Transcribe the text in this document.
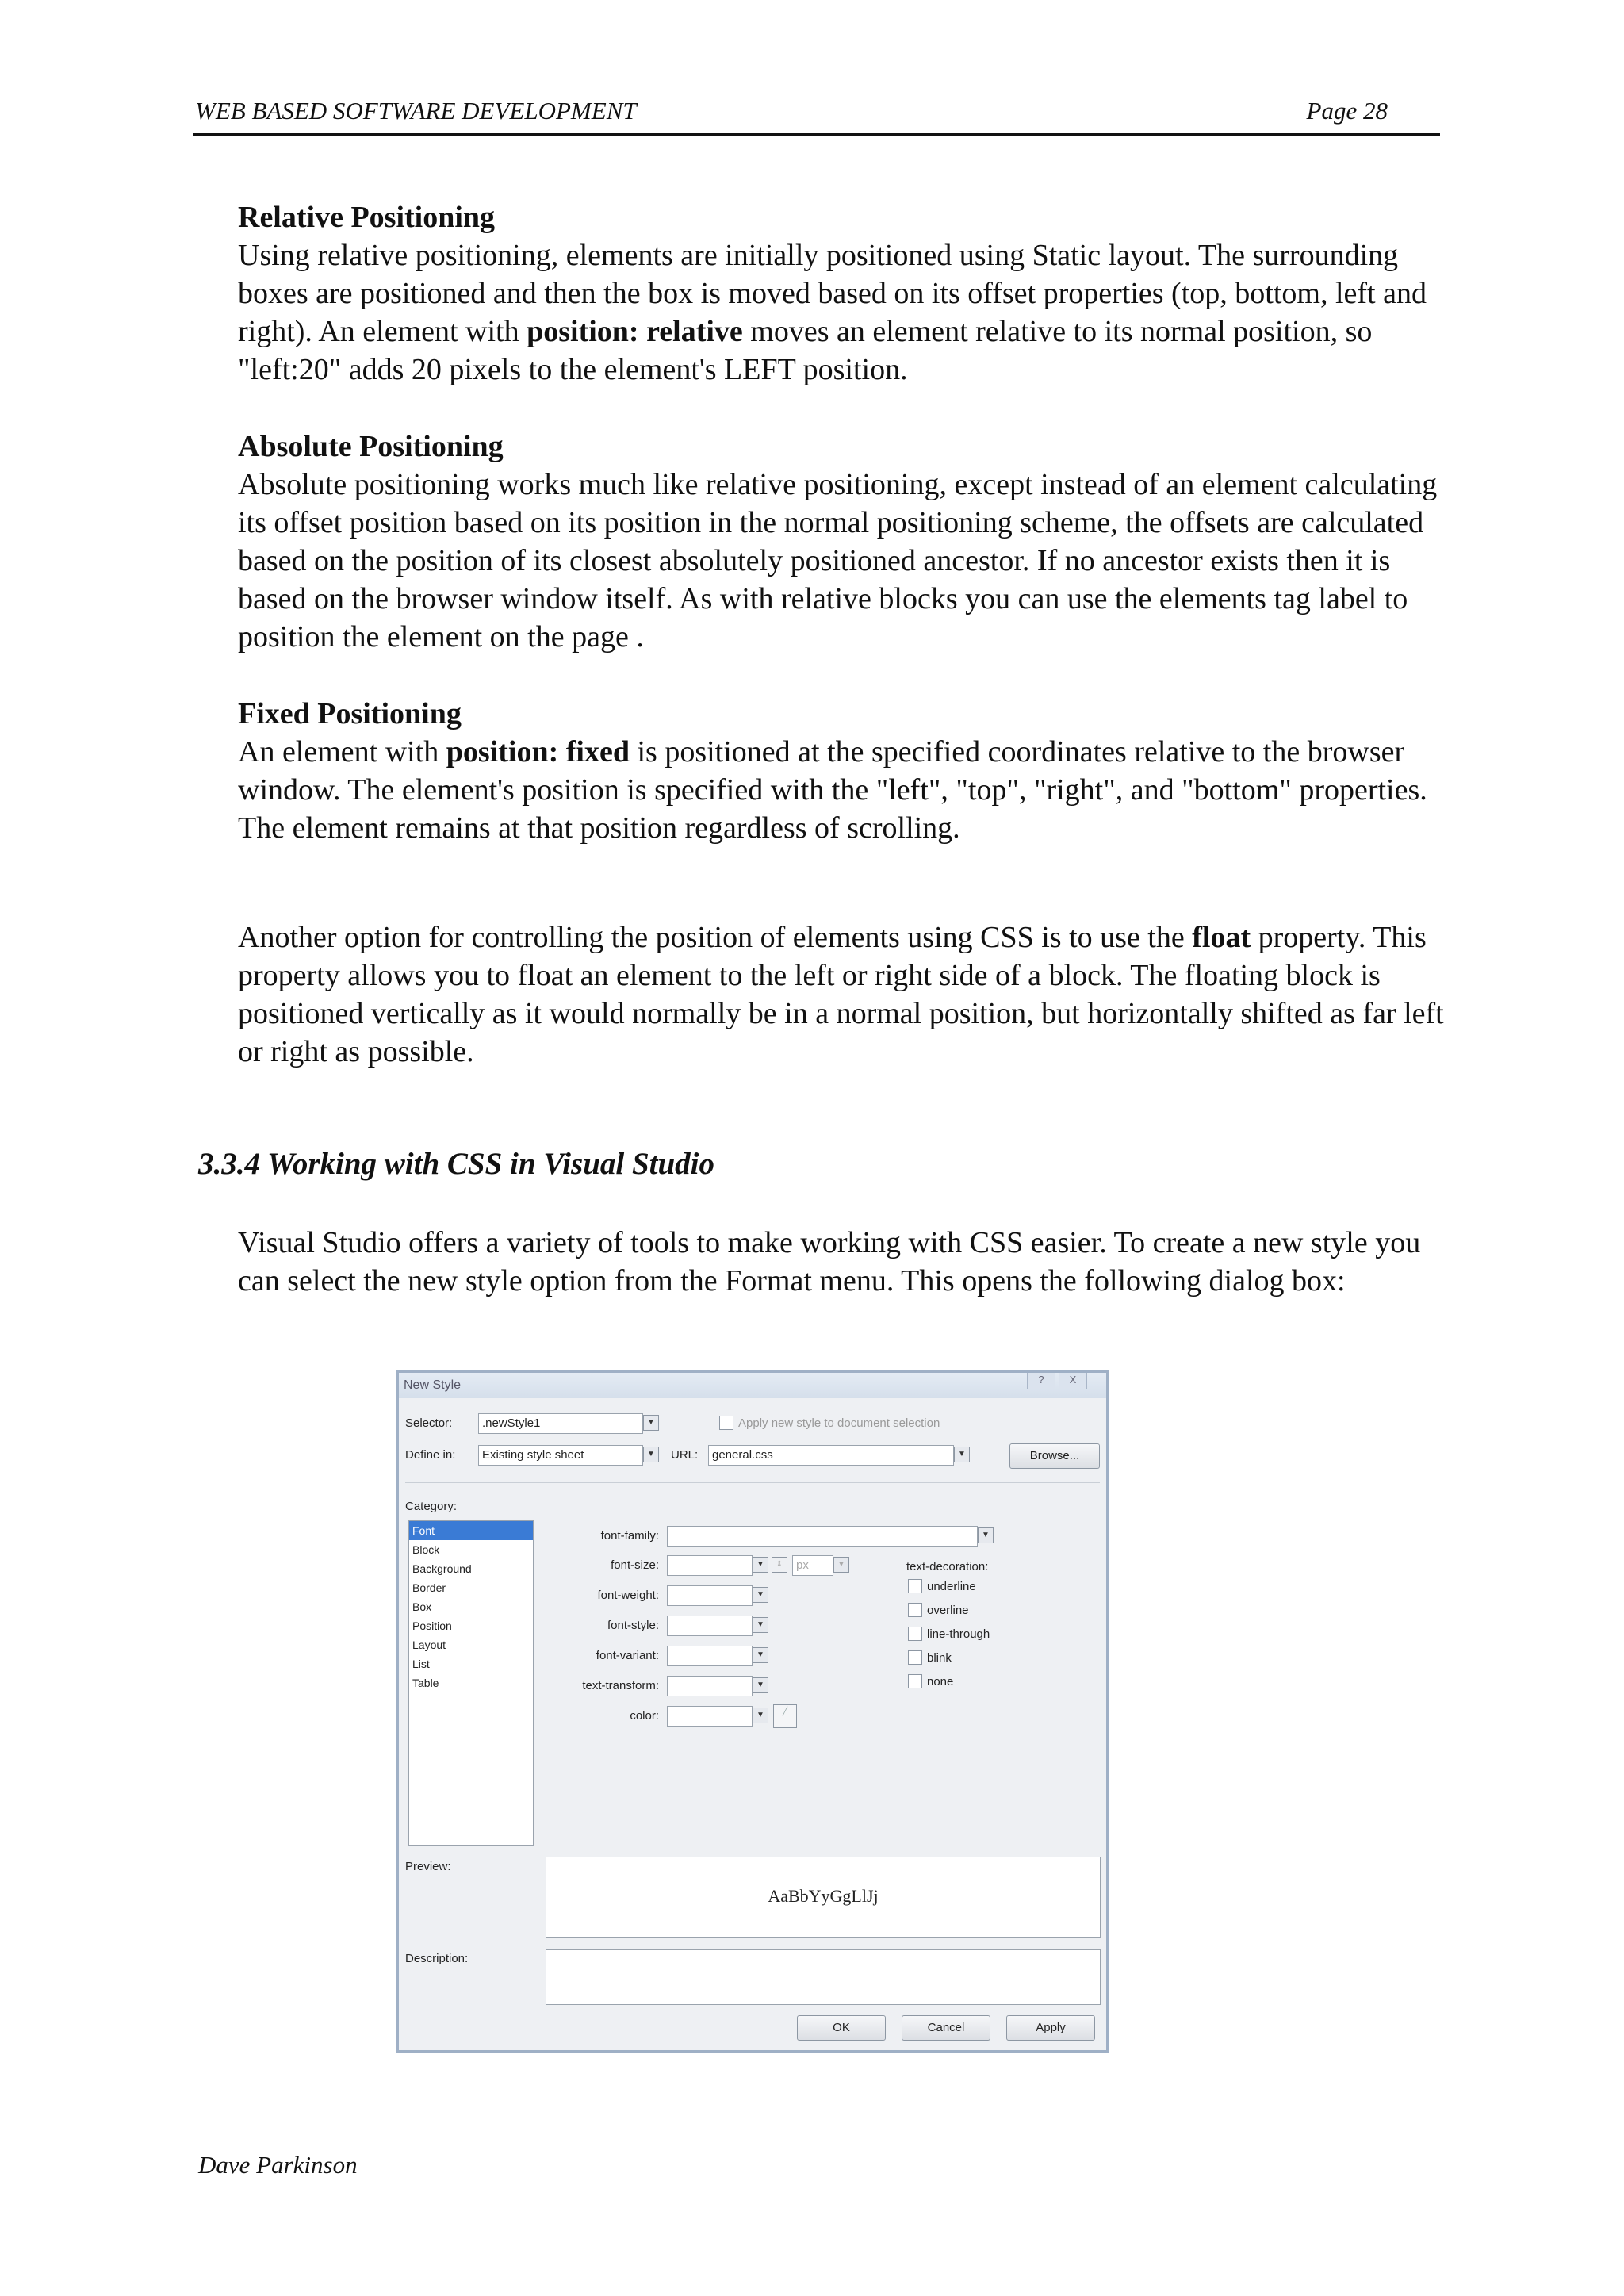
WEB BASED SOFTWARE DEVELOPMENT	Page 28
Relative Positioning

Using relative positioning, elements are initially positioned using Static layout. The surrounding boxes are positioned and then the box is moved based on its offset properties (top, bottom, left and right). An element with position: relative moves an element relative to its normal position, so "left:20" adds 20 pixels to the element's LEFT position.

Absolute Positioning

Absolute positioning works much like relative positioning, except instead of an element calculating its offset position based on its position in the normal positioning scheme, the offsets are calculated based on the position of its closest absolutely positioned ancestor. If no ancestor exists then it is based on the browser window itself. As with relative blocks you can use the elements tag label to position the element on the page .

Fixed Positioning

An element with position: fixed is positioned at the specified coordinates relative to the browser window. The element's position is specified with the "left", "top", "right", and "bottom" properties. The element remains at that position regardless of scrolling.

Another option for controlling the position of elements using CSS is to use the float property. This property allows you to float an element to the left or right side of a block. The floating block is positioned vertically as it would normally be in a normal position, but horizontally shifted as far left or right as possible.

3.3.4 Working with CSS in Visual Studio

Visual Studio offers a variety of tools to make working with CSS easier. To create a new style you can select the new style option from the Format menu. This opens the following dialog box:

New Style	?	X
Selector:	.newStyle1	▼	Apply new style to document selection
Define in:	Existing style sheet	▼	URL:	general.css	▼	Browse...
Category:
Font
Block
Background
Border
Box
Position
Layout
List
Table
font-family:	▼
font-size:	▼	⇕	px	▼
font-weight:	▼
font-style:	▼
font-variant:	▼
text-transform:	▼
color:	▼	╱
text-decoration:
underline
overline
line-through
blink
none
Preview:
AaBbYyGgLlJj
Description:
OK	Cancel	Apply
Dave Parkinson
